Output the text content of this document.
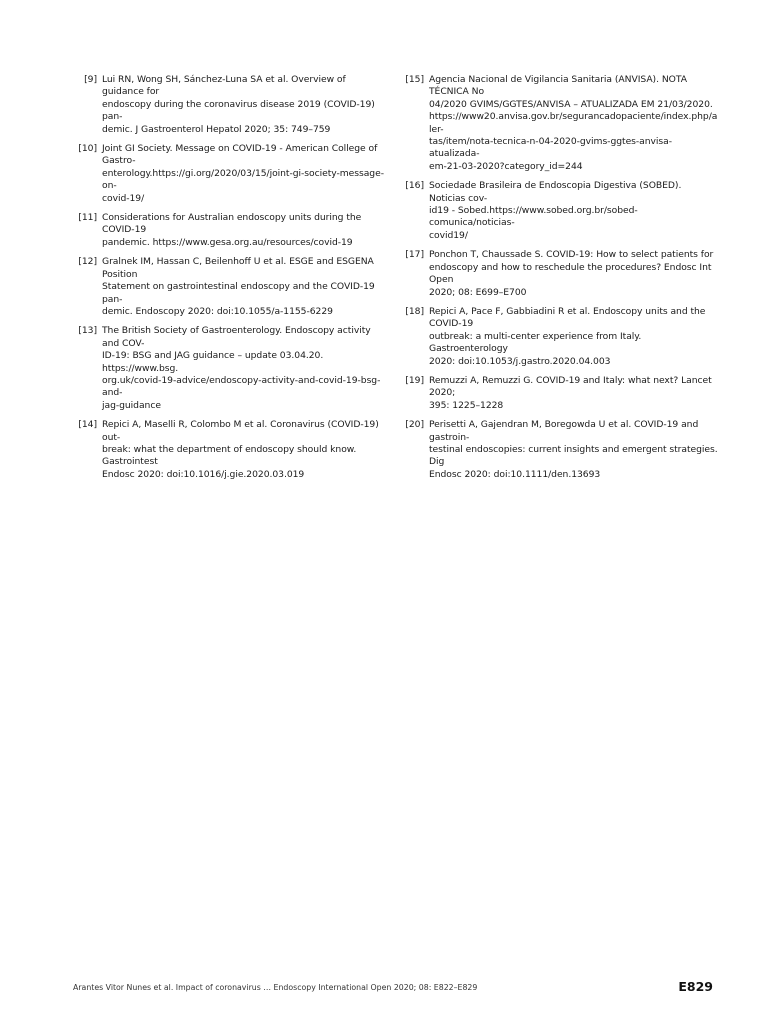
[9] Lui RN, Wong SH, Sánchez-Luna SA et al. Overview of guidance for
endoscopy during the coronavirus disease 2019 (COVID-19) pan-
demic. J Gastroenterol Hepatol 2020; 35: 749–759
[10] Joint GI Society. Message on COVID-19 - American College of Gastro-
enterology.https://gi.org/2020/03/15/joint-gi-society-message-on-
covid-19/
[11] Considerations for Australian endoscopy units during the COVID-19
pandemic. https://www.gesa.org.au/resources/covid-19
[12] Gralnek IM, Hassan C, Beilenhoff U et al. ESGE and ESGENA Position
Statement on gastrointestinal endoscopy and the COVID-19 pan-
demic. Endoscopy 2020: doi:10.1055/a-1155-6229
[13] The British Society of Gastroenterology. Endoscopy activity and COV-
ID-19: BSG and JAG guidance – update 03.04.20. https://www.bsg.
org.uk/covid-19-advice/endoscopy-activity-and-covid-19-bsg-and-
jag-guidance
[14] Repici A, Maselli R, Colombo M et al. Coronavirus (COVID-19) out-
break: what the department of endoscopy should know. Gastrointest
Endosc 2020: doi:10.1016/j.gie.2020.03.019
[15] Agencia Nacional de Vigilancia Sanitaria (ANVISA). NOTA TÉCNICA No
04/2020 GVIMS/GGTES/ANVISA – ATUALIZADA EM 21/03/2020.
https://www20.anvisa.gov.br/segurancadopaciente/index.php/aler-
tas/item/nota-tecnica-n-04-2020-gvims-ggtes-anvisa-atualizada-
em-21-03-2020?category_id=244
[16] Sociedade Brasileira de Endoscopia Digestiva (SOBED). Noticias cov-
id19 - Sobed.https://www.sobed.org.br/sobed-comunica/noticias-
covid19/
[17] Ponchon T, Chaussade S. COVID-19: How to select patients for
endoscopy and how to reschedule the procedures? Endosc Int Open
2020; 08: E699–E700
[18] Repici A, Pace F, Gabbiadini R et al. Endoscopy units and the COVID-19
outbreak: a multi-center experience from Italy. Gastroenterology
2020: doi:10.1053/j.gastro.2020.04.003
[19] Remuzzi A, Remuzzi G. COVID-19 and Italy: what next? Lancet 2020;
395: 1225–1228
[20] Perisetti A, Gajendran M, Boregowda U et al. COVID-19 and gastroin-
testinal endoscopies: current insights and emergent strategies. Dig
Endosc 2020: doi:10.1111/den.13693
Arantes Vitor Nunes et al. Impact of coronavirus … Endoscopy International Open 2020; 08: E822–E829	E829
